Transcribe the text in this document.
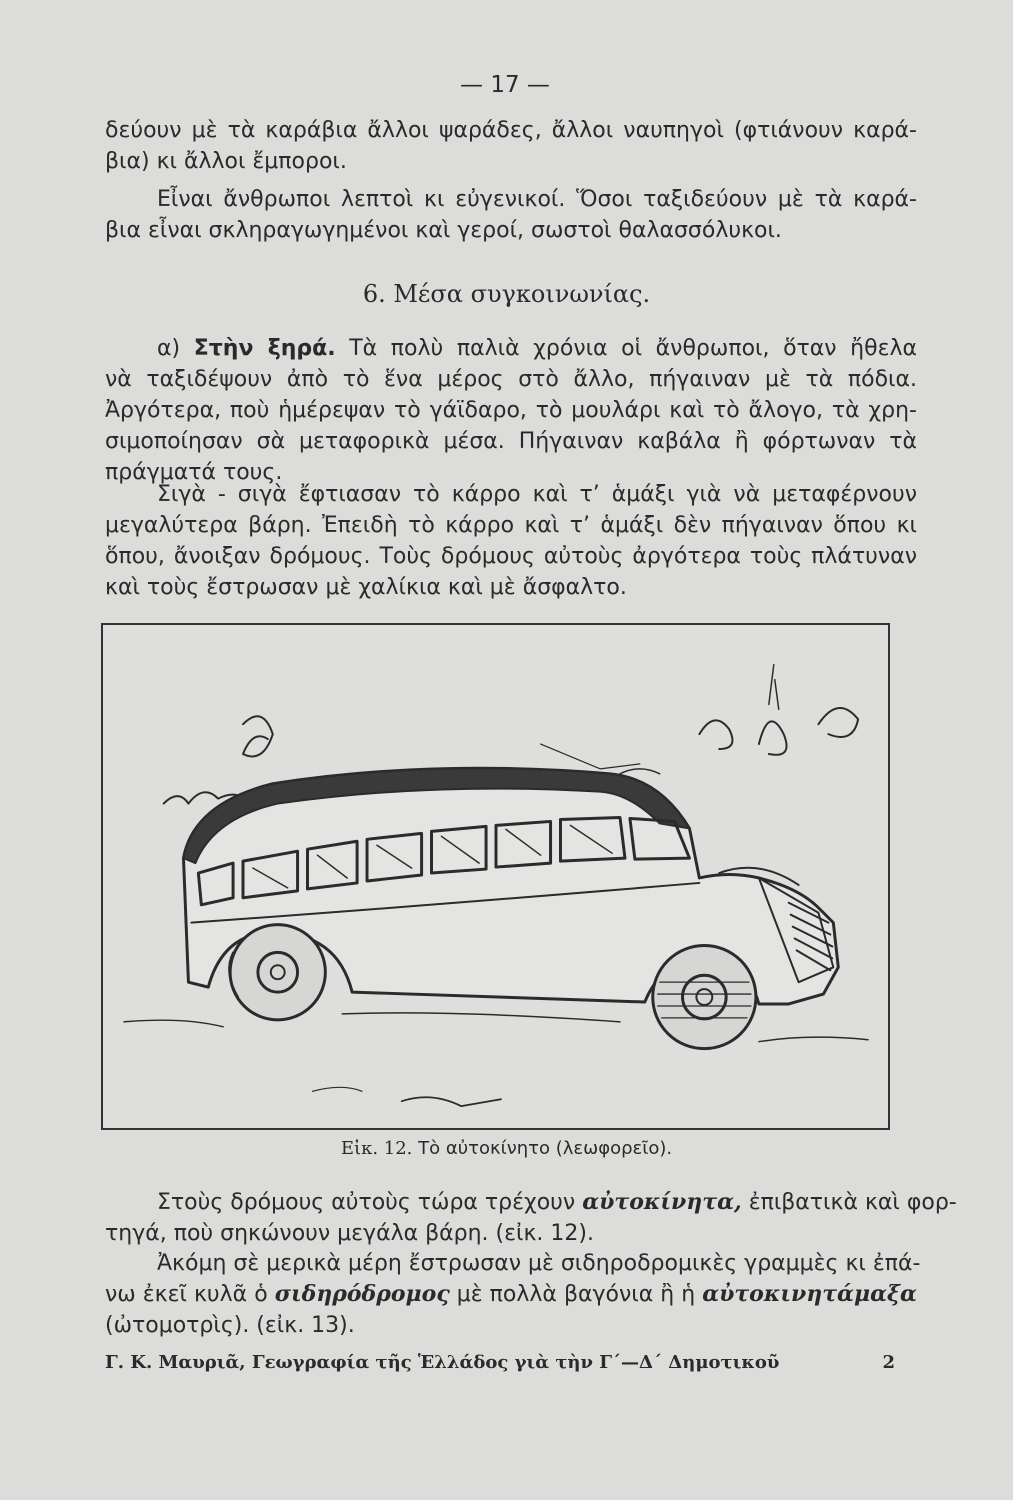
— 17 —
δεύουν μὲ τὰ καράβια ἄλλοι ψαράδες, ἄλλοι ναυπηγοὶ (φτιάνουν καρά-
βια) κι ἄλλοι ἔμποροι.
Εἶναι ἄνθρωποι λεπτοὶ κι εὐγενικοί. Ὅσοι ταξιδεύουν μὲ τὰ καρά-
βια εἶναι σκληραγωγημένοι καὶ γεροί, σωστοὶ θαλασσόλυκοι.
6. Μέσα συγκοινωνίας.
α) Στὴν ξηρά. Τὰ πολὺ παλιὰ χρόνια οἱ ἄνθρωποι, ὅταν ἤθελα
νὰ ταξιδέψουν ἀπὸ τὸ ἕνα μέρος στὸ ἄλλο, πήγαιναν μὲ τὰ πόδια.
Ἀργότερα, ποὺ ἡμέρεψαν τὸ γάϊδαρο, τὸ μουλάρι καὶ τὸ ἄλογο, τὰ χρη-
σιμοποίησαν σὰ μεταφορικὰ μέσα. Πήγαιναν καβάλα ἢ φόρτωναν τὰ
πράγματά τους.
Σιγὰ - σιγὰ ἔφτιασαν τὸ κάρρο καὶ τ’ ἁμάξι γιὰ νὰ μεταφέρνουν
μεγαλύτερα βάρη. Ἐπειδὴ τὸ κάρρο καὶ τ’ ἁμάξι δὲν πήγαιναν ὅπου κι
ὅπου, ἄνοιξαν δρόμους. Τοὺς δρόμους αὐτοὺς ἀργότερα τοὺς πλάτυναν
καὶ τοὺς ἔστρωσαν μὲ χαλίκια καὶ μὲ ἄσφαλτο.
Εἰκ. 12. Τὸ αὐτοκίνητο (λεωφορεῖο).
Στοὺς δρόμους αὐτοὺς τώρα τρέχουν αὐτοκίνητα, ἐπιβατικὰ καὶ φορ-
τηγά, ποὺ σηκώνουν μεγάλα βάρη. (εἰκ. 12).
Ἀκόμη σὲ μερικὰ μέρη ἔστρωσαν μὲ σιδηροδρομικὲς γραμμὲς κι ἐπά-
νω ἐκεῖ κυλᾶ ὁ σιδηρόδρομος μὲ πολλὰ βαγόνια ἢ ἡ αὐτοκινητάμαξα
(ὠτομοτρὶς). (εἰκ. 13).
Γ. Κ. Μαυριᾶ, Γεωγραφία τῆς Ἑλλάδος γιὰ τὴν Γ΄—Δ΄ Δημοτικοῦ	2
